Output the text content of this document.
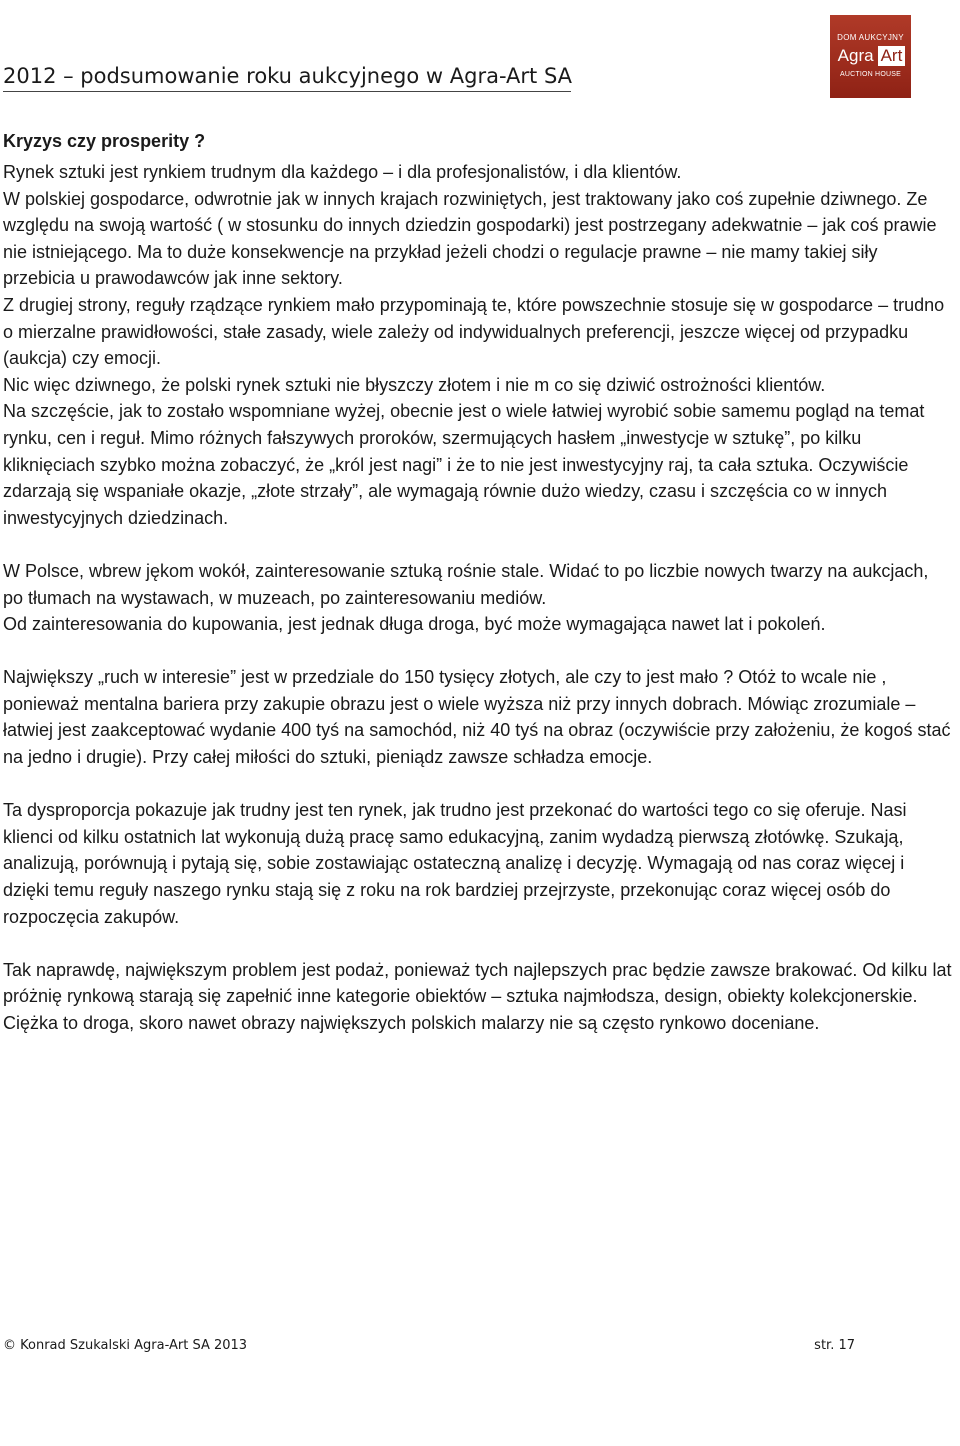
2012 – podsumowanie roku aukcyjnego w Agra-Art SA
DOM AUKCYJNY
Agra Art
AUCTION HOUSE
Kryzys czy prosperity ?

Rynek sztuki jest rynkiem trudnym dla każdego – i dla profesjonalistów, i dla klientów.

W polskiej gospodarce, odwrotnie jak w innych krajach rozwiniętych, jest traktowany jako coś zupełnie dziwnego. Ze względu na swoją wartość ( w stosunku do innych dziedzin gospodarki) jest postrzegany adekwatnie – jak coś prawie nie istniejącego. Ma to duże konsekwencje na przykład jeżeli chodzi o regulacje prawne – nie mamy takiej siły przebicia u prawodawców jak inne sektory.

Z drugiej strony, reguły rządzące rynkiem mało przypominają te, które powszechnie stosuje się w gospodarce – trudno o mierzalne prawidłowości, stałe zasady, wiele zależy od indywidualnych preferencji, jeszcze więcej od przypadku (aukcja) czy emocji.

Nic więc dziwnego, że polski rynek sztuki nie błyszczy złotem i nie m co się dziwić ostrożności klientów.

Na szczęście, jak to zostało wspomniane wyżej, obecnie jest o wiele łatwiej wyrobić sobie samemu pogląd na temat rynku, cen i reguł. Mimo różnych fałszywych proroków, szermujących hasłem „inwestycje w sztukę”, po kilku kliknięciach szybko można zobaczyć, że „król jest nagi” i że to nie jest inwestycyjny raj, ta cała sztuka. Oczywiście zdarzają się wspaniałe okazje, „złote strzały”, ale wymagają równie dużo wiedzy, czasu i szczęścia co w innych inwestycyjnych dziedzinach.

W Polsce, wbrew jękom wokół, zainteresowanie sztuką rośnie stale. Widać to po liczbie nowych twarzy na aukcjach, po tłumach na wystawach, w muzeach, po zainteresowaniu mediów.

Od zainteresowania do kupowania, jest jednak długa droga, być może wymagająca nawet lat i pokoleń.

Największy „ruch w interesie” jest w przedziale do 150 tysięcy złotych, ale czy to jest mało ? Otóż to wcale nie , ponieważ mentalna bariera przy zakupie obrazu jest o wiele wyższa niż przy innych dobrach. Mówiąc zrozumiale – łatwiej jest zaakceptować wydanie 400 tyś na samochód, niż 40 tyś na obraz (oczywiście przy założeniu, że kogoś stać na jedno i drugie). Przy całej miłości do sztuki, pieniądz zawsze schładza emocje.

Ta dysproporcja pokazuje jak trudny jest ten rynek, jak trudno jest przekonać do wartości tego co się oferuje. Nasi klienci od kilku ostatnich lat wykonują dużą pracę samo edukacyjną, zanim wydadzą pierwszą złotówkę. Szukają, analizują, porównują i pytają się, sobie zostawiając ostateczną analizę i decyzję. Wymagają od nas coraz więcej i dzięki temu reguły naszego rynku stają się z roku na rok bardziej przejrzyste, przekonując coraz więcej osób do rozpoczęcia zakupów.

Tak naprawdę, największym problem jest podaż, ponieważ tych najlepszych prac będzie zawsze brakować. Od kilku lat próżnię rynkową starają się zapełnić inne kategorie obiektów – sztuka najmłodsza, design, obiekty kolekcjonerskie. Ciężka to droga, skoro nawet obrazy największych polskich malarzy nie są często rynkowo doceniane.

© Konrad Szukalski Agra-Art SA 2013	str. 17
